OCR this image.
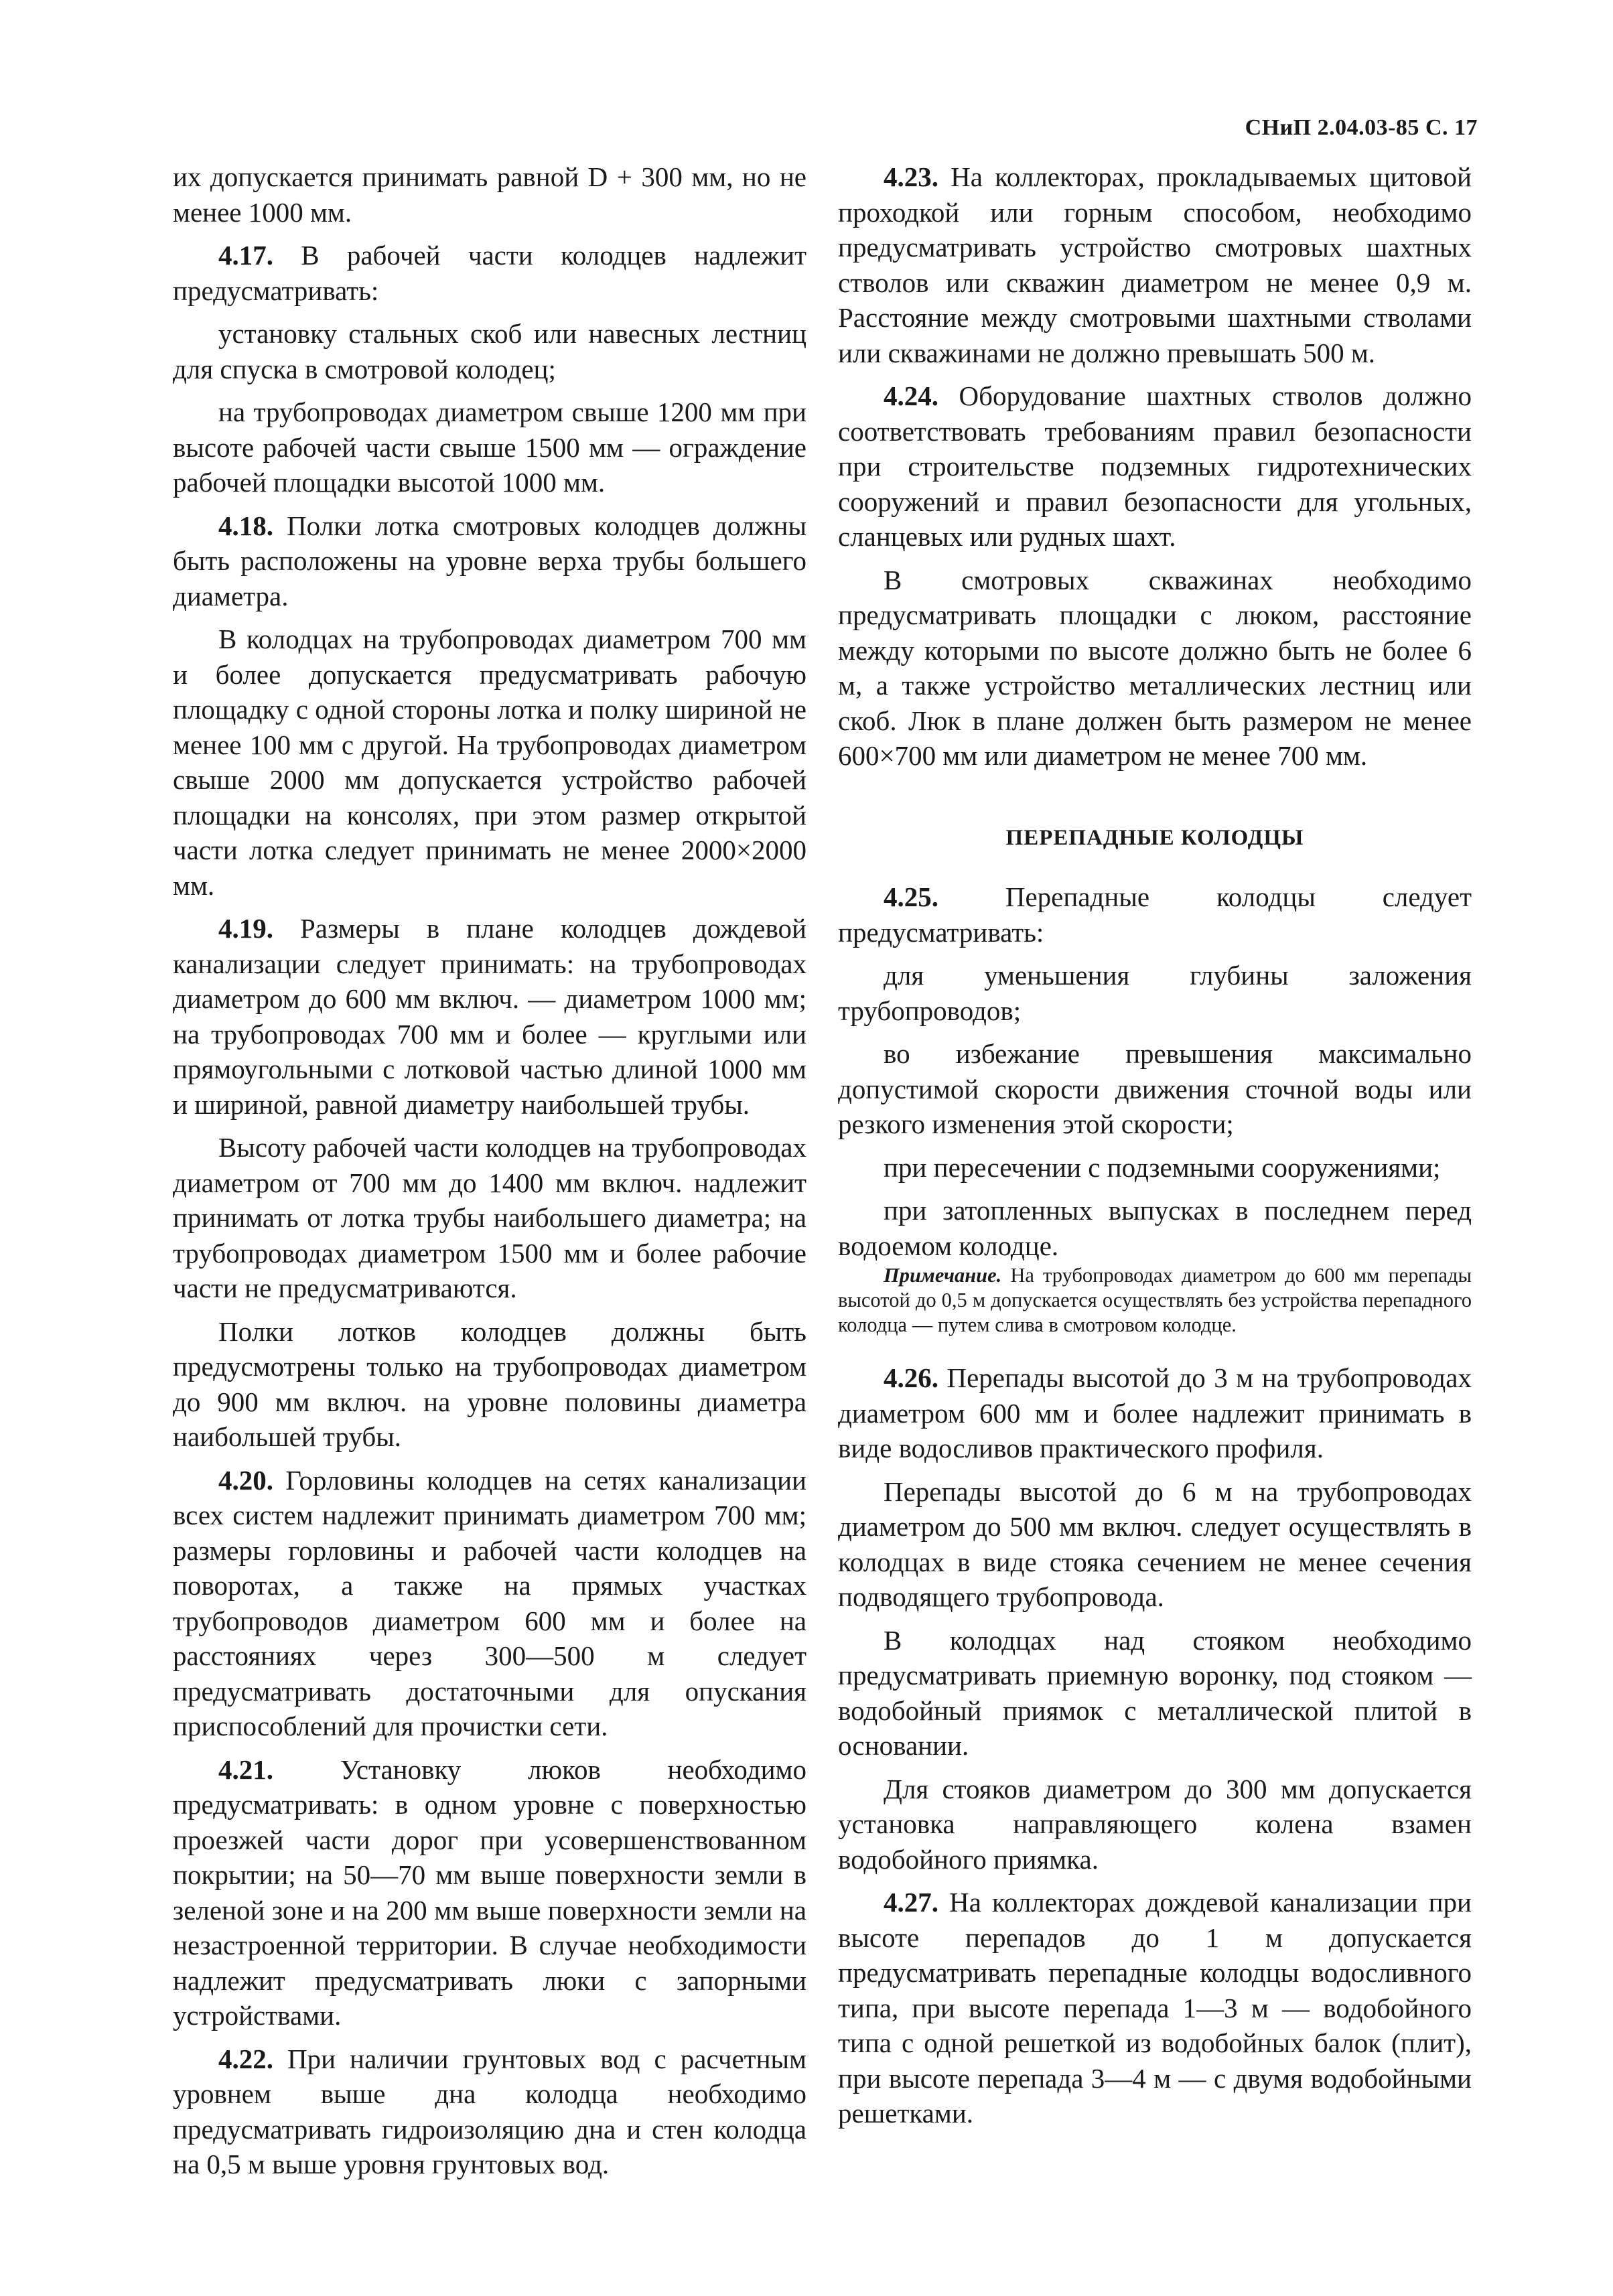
СНиП 2.04.03-85 С. 17

их допускается принимать равной D + 300 мм, но не менее 1000 мм.

4.17. В рабочей части колодцев надлежит предусматривать:

установку стальных скоб или навесных лестниц для спуска в смотровой колодец;

на трубопроводах диаметром свыше 1200 мм при высоте рабочей части свыше 1500 мм — ограждение рабочей площадки высотой 1000 мм.

4.18. Полки лотка смотровых колодцев должны быть расположены на уровне верха трубы большего диаметра.

В колодцах на трубопроводах диаметром 700 мм и более допускается предусматривать рабочую площадку с одной стороны лотка и полку шириной не менее 100 мм с другой. На трубопроводах диаметром свыше 2000 мм допускается устройство рабочей площадки на консолях, при этом размер открытой части лотка следует принимать не менее 2000×2000 мм.

4.19. Размеры в плане колодцев дождевой канализации следует принимать: на трубопроводах диаметром до 600 мм включ. — диаметром 1000 мм; на трубопроводах 700 мм и более — круглыми или прямоугольными с лотковой частью длиной 1000 мм и шириной, равной диаметру наибольшей трубы.

Высоту рабочей части колодцев на трубопроводах диаметром от 700 мм до 1400 мм включ. надлежит принимать от лотка трубы наибольшего диаметра; на трубопроводах диаметром 1500 мм и более рабочие части не предусматриваются.

Полки лотков колодцев должны быть предусмотрены только на трубопроводах диаметром до 900 мм включ. на уровне половины диаметра наибольшей трубы.

4.20. Горловины колодцев на сетях канализации всех систем надлежит принимать диаметром 700 мм; размеры горловины и рабочей части колодцев на поворотах, а также на прямых участках трубопроводов диаметром 600 мм и более на расстояниях через 300—500 м следует предусматривать достаточными для опускания приспособлений для прочистки сети.

4.21. Установку люков необходимо предусматривать: в одном уровне с поверхностью проезжей части дорог при усовершенствованном покрытии; на 50—70 мм выше поверхности земли в зеленой зоне и на 200 мм выше поверхности земли на незастроенной территории. В случае необходимости надлежит предусматривать люки с запорными устройствами.

4.22. При наличии грунтовых вод с расчетным уровнем выше дна колодца необходимо предусматривать гидроизоляцию дна и стен колодца на 0,5 м выше уровня грунтовых вод.

4.23. На коллекторах, прокладываемых щитовой проходкой или горным способом, необходимо предусматривать устройство смотровых шахтных стволов или скважин диаметром не менее 0,9 м. Расстояние между смотровыми шахтными стволами или скважинами не должно превышать 500 м.

4.24. Оборудование шахтных стволов должно соответствовать требованиям правил безопасности при строительстве подземных гидротехнических сооружений и правил безопасности для угольных, сланцевых или рудных шахт.

В смотровых скважинах необходимо предусматривать площадки с люком, расстояние между которыми по высоте должно быть не более 6 м, а также устройство металлических лестниц или скоб. Люк в плане должен быть размером не менее 600×700 мм или диаметром не менее 700 мм.

ПЕРЕПАДНЫЕ КОЛОДЦЫ

4.25. Перепадные колодцы следует предусматривать:

для уменьшения глубины заложения трубопроводов;

во избежание превышения максимально допустимой скорости движения сточной воды или резкого изменения этой скорости;

при пересечении с подземными сооружениями;

при затопленных выпусках в последнем перед водоемом колодце.

Примечание. На трубопроводах диаметром до 600 мм перепады высотой до 0,5 м допускается осуществлять без устройства перепадного колодца — путем слива в смотровом колодце.

4.26. Перепады высотой до 3 м на трубопроводах диаметром 600 мм и более надлежит принимать в виде водосливов практического профиля.

Перепады высотой до 6 м на трубопроводах диаметром до 500 мм включ. следует осуществлять в колодцах в виде стояка сечением не менее сечения подводящего трубопровода.

В колодцах над стояком необходимо предусматривать приемную воронку, под стояком — водобойный приямок с металлической плитой в основании.

Для стояков диаметром до 300 мм допускается установка направляющего колена взамен водобойного приямка.

4.27. На коллекторах дождевой канализации при высоте перепадов до 1 м допускается предусматривать перепадные колодцы водосливного типа, при высоте перепада 1—3 м — водобойного типа с одной решеткой из водобойных балок (плит), при высоте перепада 3—4 м — с двумя водобойными решетками.
